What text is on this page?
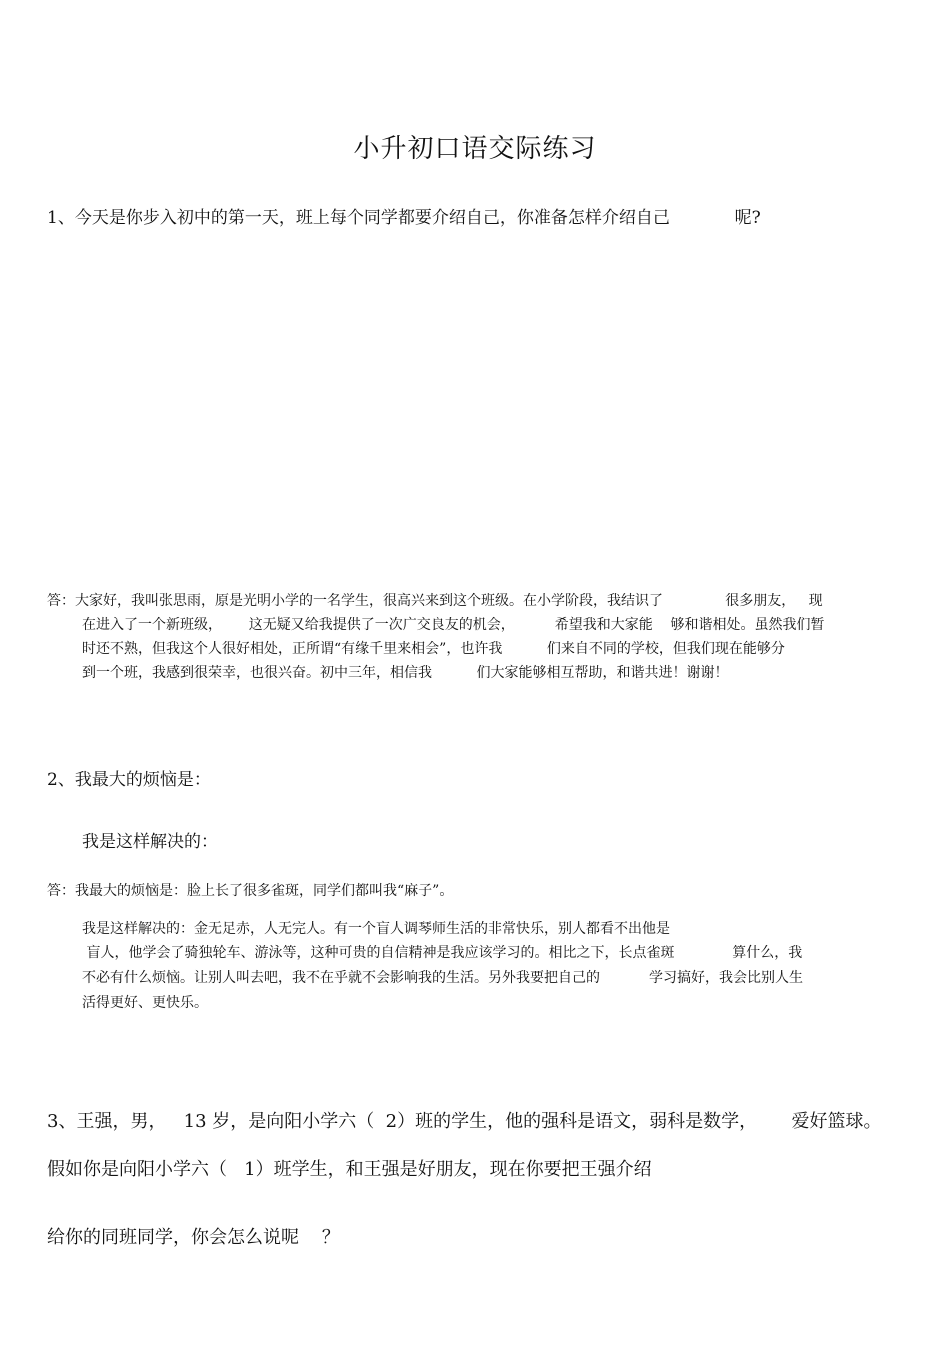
小升初口语交际练习
1、今天是你步入初中的第一天，班上每个同学都要介绍自己，你准备怎样介绍自己            呢?
答：大家好，我叫张思雨，原是光明小学的一名学生，很高兴来到这个班级。在小学阶段，我结识了              很多朋友，   现
在进入了一个新班级，      这无疑又给我提供了一次广交良友的机会，         希望我和大家能    够和谐相处。虽然我们暂
时还不熟，但我这个人很好相处，正所谓“有缘千里来相会”，也许我          们来自不同的学校，但我们现在能够分
到一个班，我感到很荣幸，也很兴奋。初中三年，相信我          们大家能够相互帮助，和谐共进！谢谢！
2、我最大的烦恼是：
我是这样解决的：
答：我最大的烦恼是：脸上长了很多雀斑，同学们都叫我“麻子”。
我是这样解决的：金无足赤，人无完人。有一个盲人调琴师生活的非常快乐，别人都看不出他是
盲人，他学会了骑独轮车、游泳等，这种可贵的自信精神是我应该学习的。相比之下，长点雀斑             算什么，我
不必有什么烦恼。让别人叫去吧，我不在乎就不会影响我的生活。另外我要把自己的           学习搞好，我会比别人生
活得更好、更快乐。
3、王强，男，   13 岁，是向阳小学六（  2）班的学生，他的强科是语文，弱科是数学，      爱好篮球。
假如你是向阳小学六（   1）班学生，和王强是好朋友，现在你要把王强介绍
给你的同班同学，你会怎么说呢    ？
